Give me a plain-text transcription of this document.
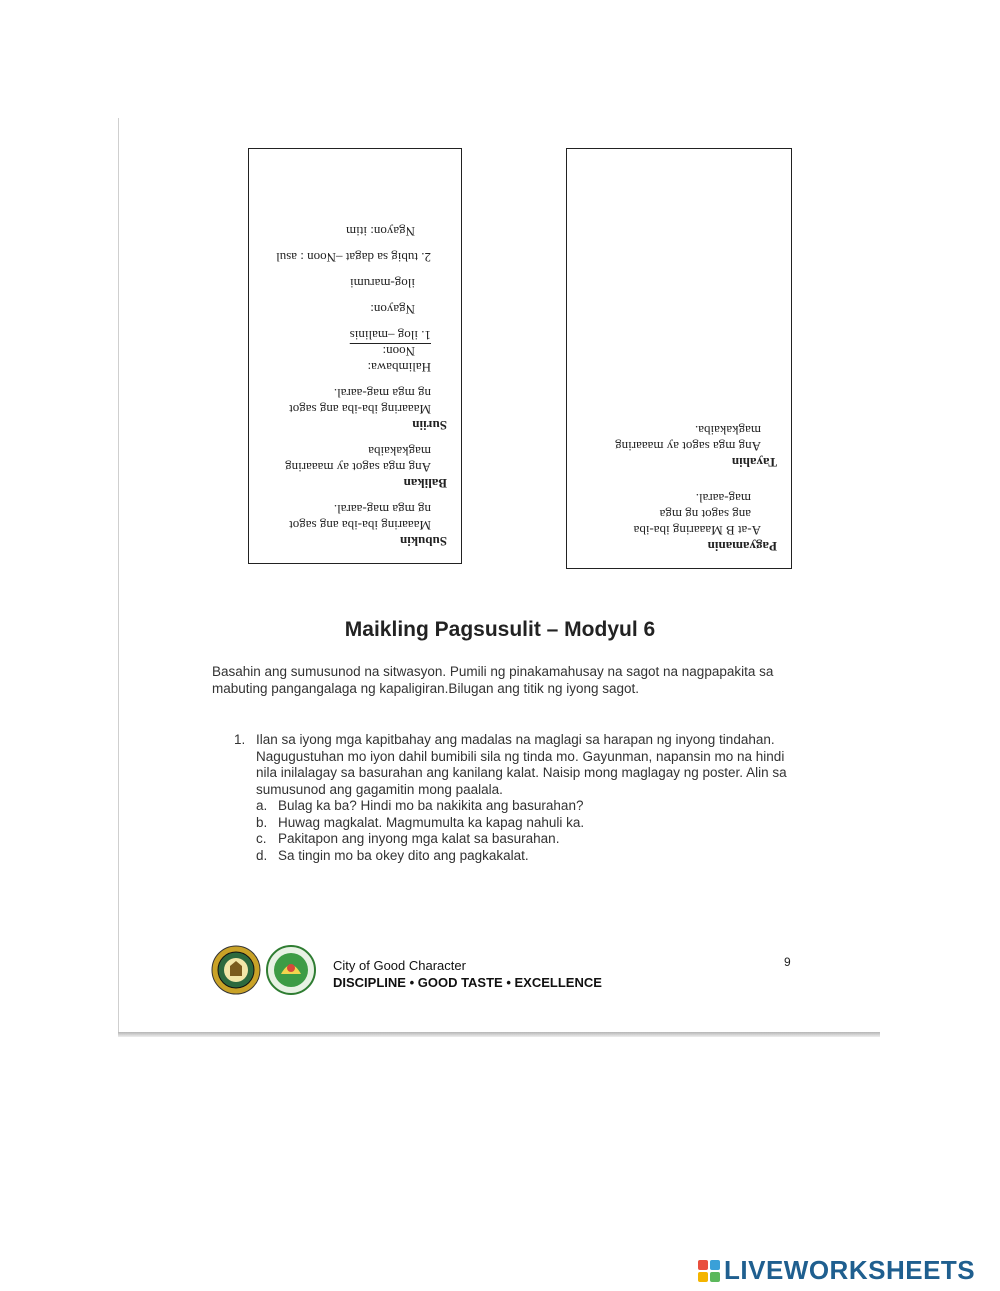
Subukin
Maaaring iba-iba ang sagot
ng mga mag-aaral.
Balikan
Ang mga sagot ay maaaring
magkakaiba
Suriin
Maaaring iba-iba ang sagot
ng mga mag-aaral.
Halimbawa:
Noon:
1. ilog –malinis
Ngayon:
ilog-marumi
2. tubig sa dagat –Noon : asul
Ngayon: itim
Pagyamanin
A-at B Maaaring iba-iba
ang sagot ng mga
mag-aaral.
Tayahin
Ang mga sagot ay maaaring
magkakaiba.
Maikling Pagsusulit – Modyul 6
Basahin ang sumusunod na sitwasyon. Pumili ng pinakamahusay na sagot na nagpapakita sa mabuting pangangalaga ng kapaligiran.Bilugan ang titik ng iyong sagot.
1. Ilan sa iyong mga kapitbahay ang madalas na maglagi sa harapan ng inyong tindahan. Nagugustuhan mo iyon dahil bumibili sila ng tinda mo. Gayunman, napansin mo na hindi nila inilalagay sa basurahan ang kanilang kalat. Naisip mong maglagay ng poster. Alin sa sumusunod ang gagamitin mong paalala.
a. Bulag ka ba? Hindi mo ba nakikita ang basurahan?
b. Huwag magkalat. Magmumulta ka kapag nahuli ka.
c. Pakitapon ang inyong mga kalat sa basurahan.
d. Sa tingin mo ba okey dito ang pagkakalat.
City of Good Character
DISCIPLINE • GOOD TASTE • EXCELLENCE
9
LIVEWORKSHEETS
